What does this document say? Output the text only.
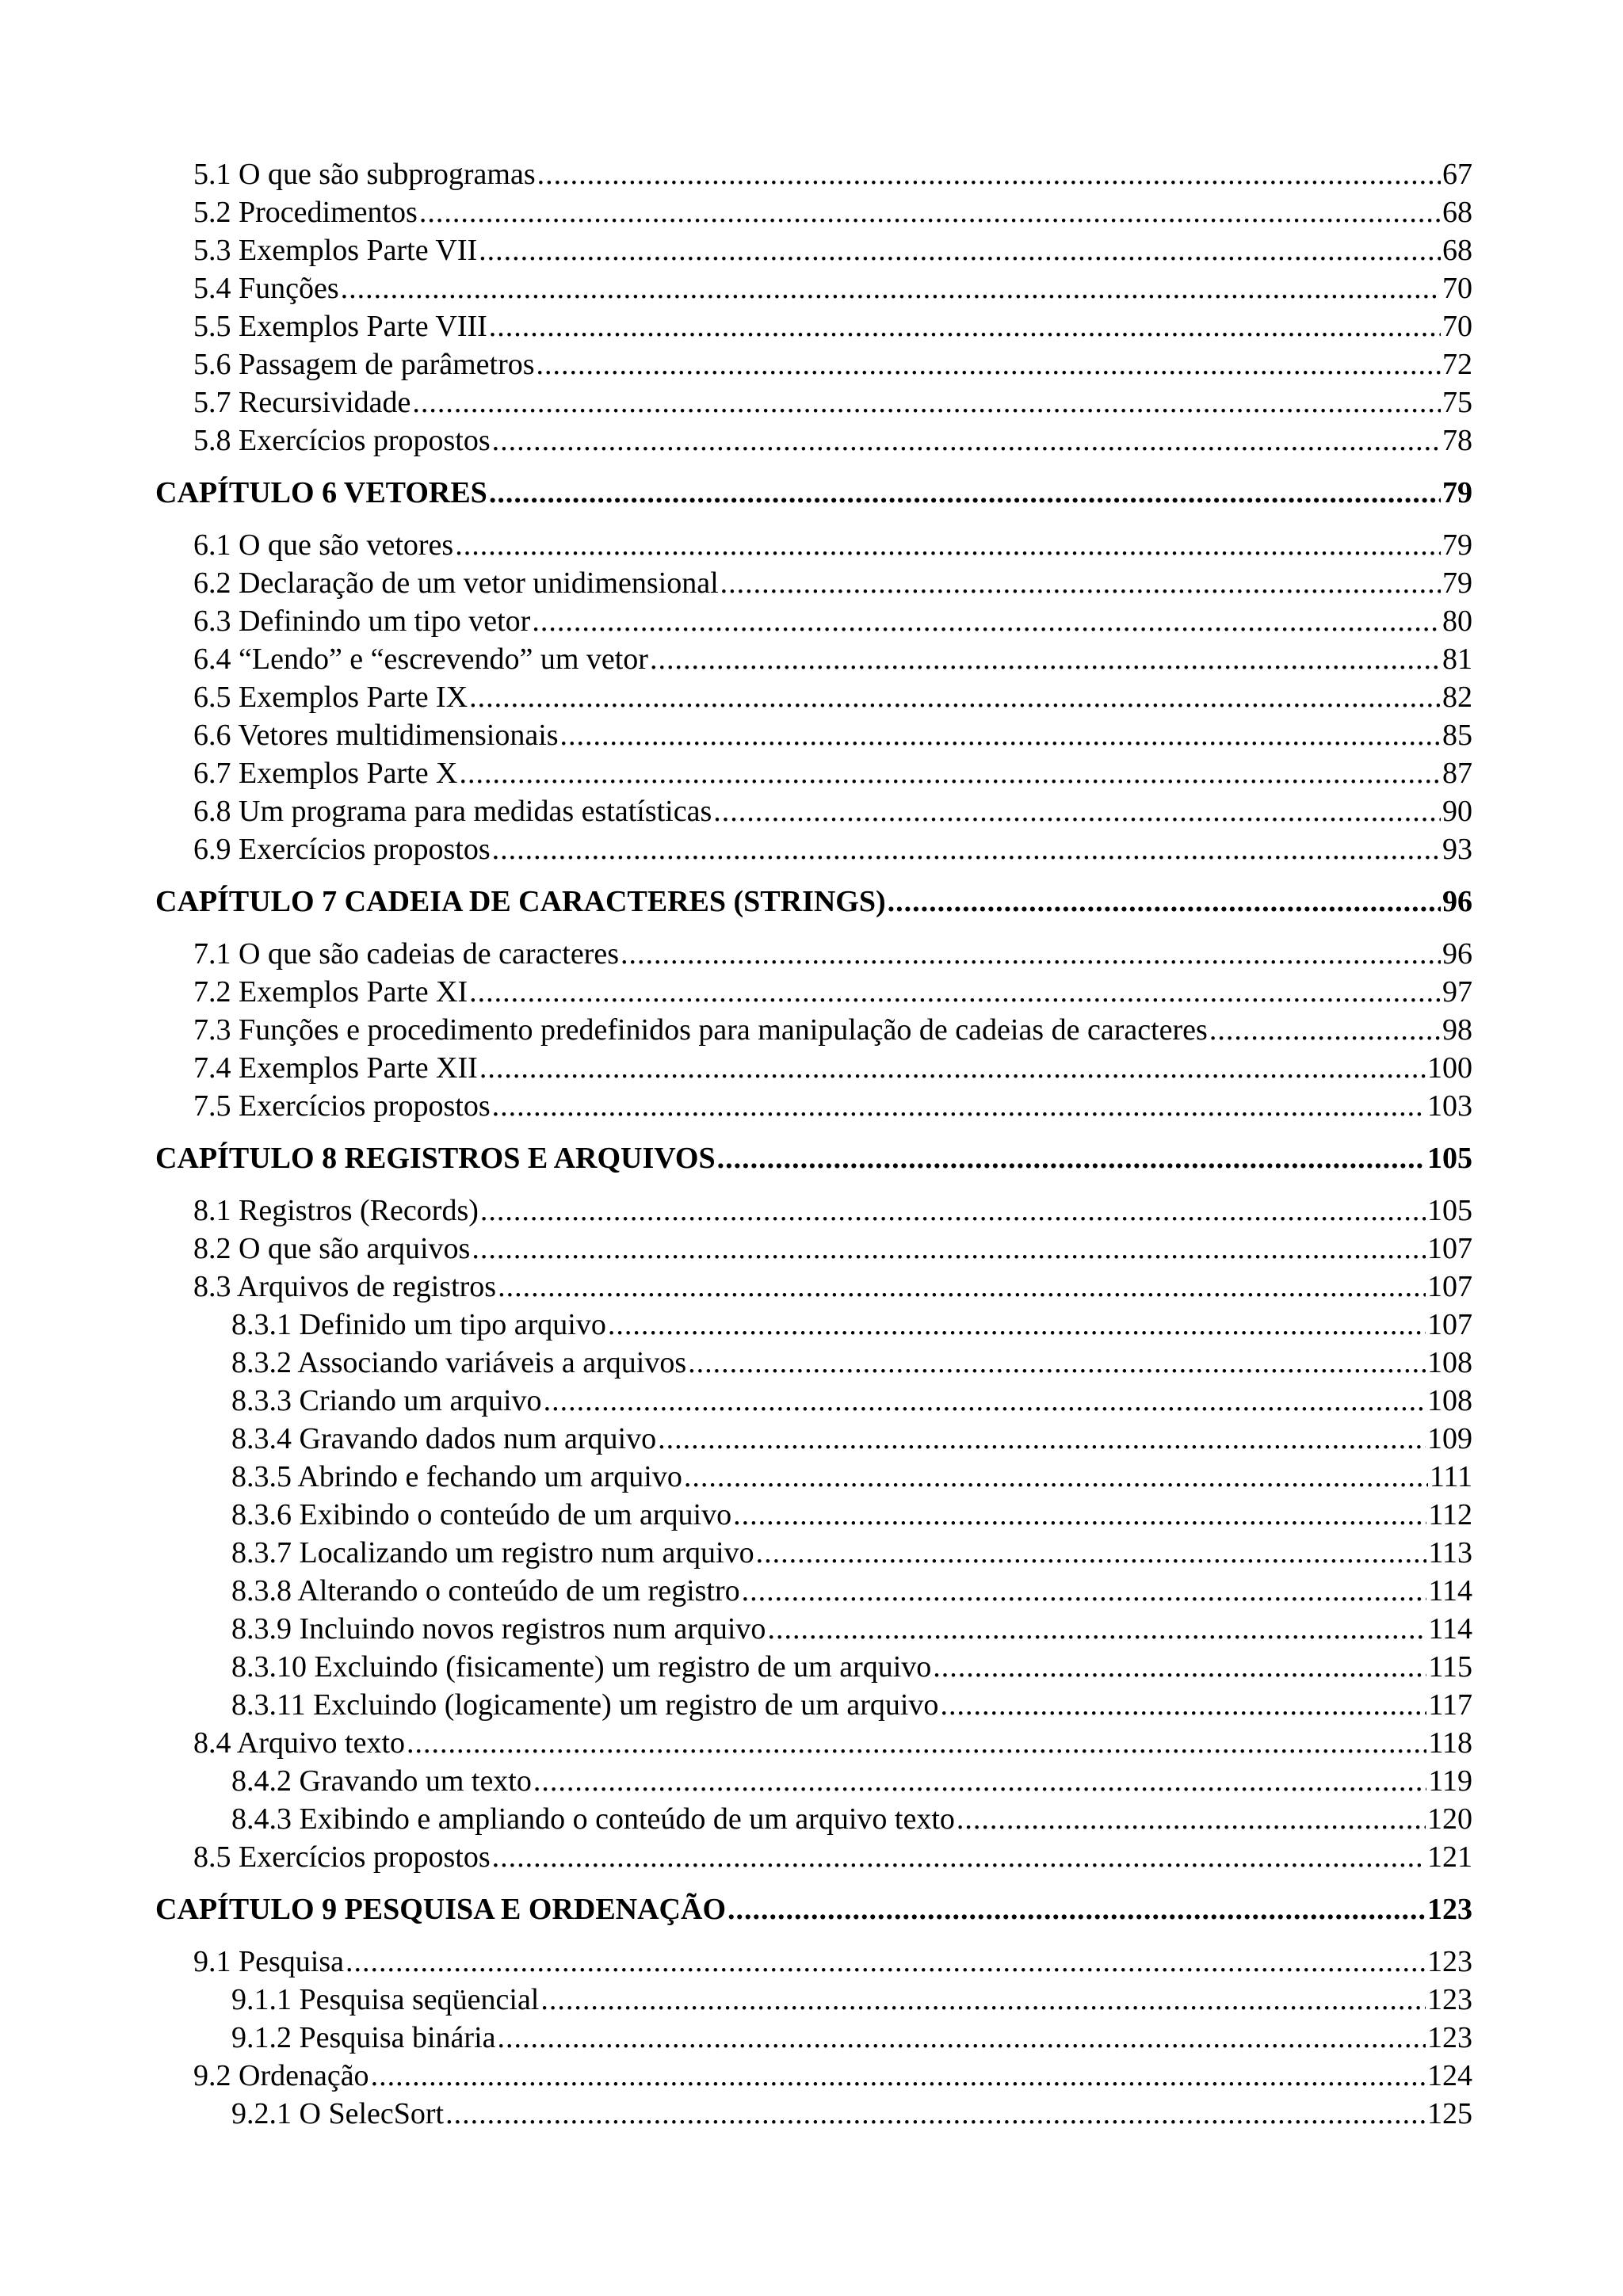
5.1 O que são subprogramas .....	67
5.2 Procedimentos .....	68
5.3 Exemplos Parte VII .....	68
5.4 Funções .....	70
5.5 Exemplos Parte VIII .....	70
5.6 Passagem de parâmetros .....	72
5.7 Recursividade .....	75
5.8 Exercícios propostos .....	78
CAPÍTULO 6 VETORES .....	79
6.1 O que são vetores .....	79
6.2 Declaração de um vetor unidimensional .....	79
6.3 Definindo um tipo vetor .....	80
6.4 “Lendo” e “escrevendo” um vetor .....	81
6.5 Exemplos Parte IX .....	82
6.6 Vetores multidimensionais .....	85
6.7 Exemplos Parte X .....	87
6.8 Um programa para medidas estatísticas .....	90
6.9 Exercícios propostos .....	93
CAPÍTULO 7 CADEIA DE CARACTERES (STRINGS) .....	96
7.1 O que são cadeias de caracteres .....	96
7.2 Exemplos Parte XI .....	97
7.3 Funções e procedimento predefinidos para manipulação de cadeias de caracteres .....	98
7.4 Exemplos Parte XII .....	100
7.5 Exercícios propostos .....	103
CAPÍTULO 8 REGISTROS E ARQUIVOS .....	105
8.1 Registros (Records) .....	105
8.2 O que são arquivos .....	107
8.3 Arquivos de registros .....	107
8.3.1 Definido um tipo arquivo .....	107
8.3.2 Associando variáveis a arquivos .....	108
8.3.3 Criando um arquivo .....	108
8.3.4 Gravando dados num arquivo .....	109
8.3.5 Abrindo e fechando um arquivo .....	111
8.3.6 Exibindo o conteúdo de um arquivo .....	112
8.3.7 Localizando um registro num arquivo .....	113
8.3.8 Alterando o conteúdo de um registro .....	114
8.3.9 Incluindo novos registros num arquivo .....	114
8.3.10 Excluindo (fisicamente) um registro de um arquivo .....	115
8.3.11 Excluindo (logicamente) um registro de um arquivo .....	117
8.4 Arquivo texto .....	118
8.4.2 Gravando um texto .....	119
8.4.3 Exibindo e ampliando o conteúdo de um arquivo texto .....	120
8.5 Exercícios propostos .....	121
CAPÍTULO 9 PESQUISA E ORDENAÇÃO .....	123
9.1 Pesquisa .....	123
9.1.1 Pesquisa seqüencial .....	123
9.1.2 Pesquisa binária .....	123
9.2 Ordenação .....	124
9.2.1 O SelecSort .....	125
